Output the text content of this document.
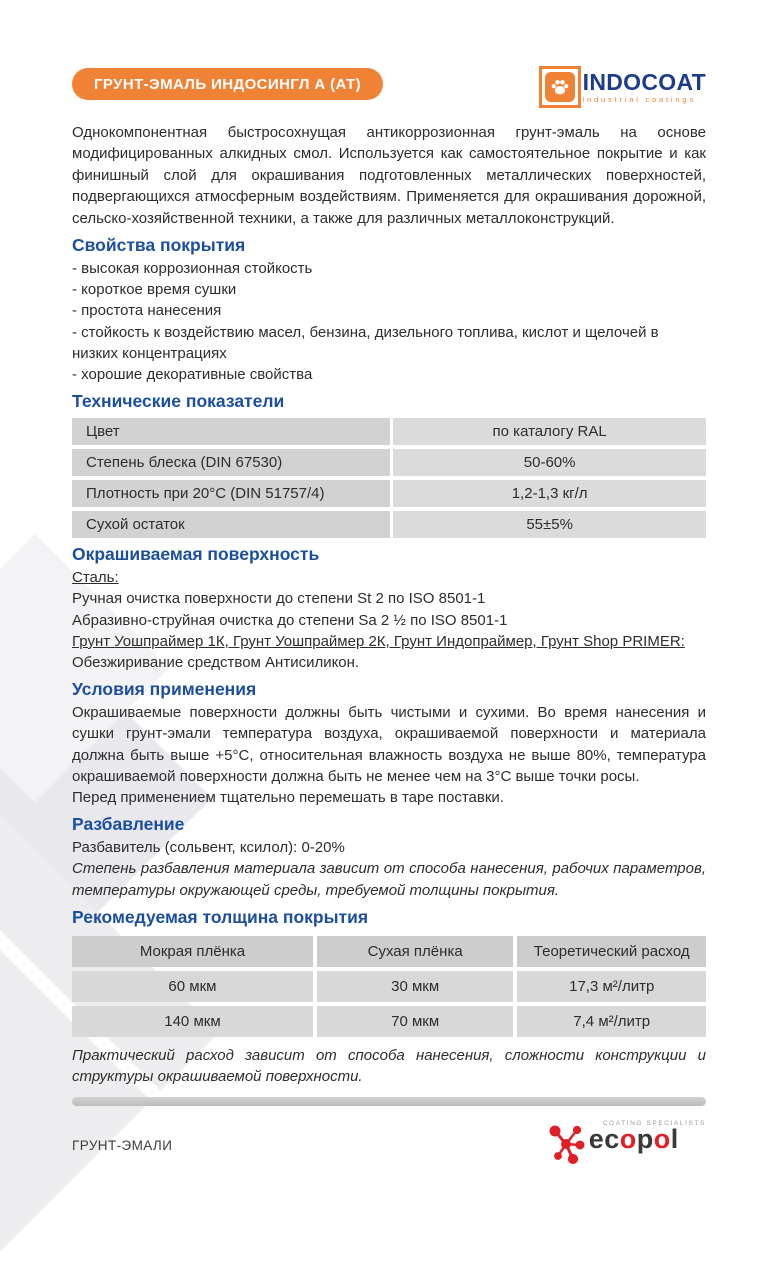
ГРУНТ-ЭМАЛЬ ИНДОСИНГЛ А (АТ)	INDOCOAT
industrial coatings

Однокомпонентная быстросохнущая антикоррозионная грунт-эмаль на основе модифицированных алкидных смол. Используется как самостоятельное покрытие и как финишный слой для окрашивания подготовленных металлических поверхностей, подвергающихся атмосферным воздействиям. Применяется для окрашивания дорожной, сельско-хозяйственной техники, а также для различных металлоконструкций.

Свойства покрытия
- высокая коррозионная стойкость
- короткое время сушки
- простота нанесения
- стойкость к воздействию масел, бензина, дизельного топлива, кислот и щелочей в низких концентрациях
- хорошие декоративные свойства
Технические показатели
Цвет	по каталогу RAL
Степень блеска (DIN 67530)	50-60%
Плотность при 20°C (DIN 51757/4)	1,2-1,3 кг/л
Сухой остаток	55±5%
Окрашиваемая поверхность
Сталь:
Ручная очистка поверхности до степени St 2 по ISO 8501-1
Абразивно-струйная очистка до степени Sa 2 ½ по ISO 8501-1
Грунт Уошпраймер 1К, Грунт Уошпраймер 2К, Грунт Индопраймер, Грунт Shop PRIMER:
Обезжиривание средством Антисиликон.
Условия применения

Окрашиваемые поверхности должны быть чистыми и сухими. Во время нанесения и сушки грунт-эмали температура воздуха, окрашиваемой поверхности и материала должна быть выше +5°С, относительная влажность воздуха не выше 80%, температура окрашиваемой поверхности должна быть не менее чем на 3°С выше точки росы.

Перед применением тщательно перемешать в таре поставки.
Разбавление
Разбавитель (сольвент, ксилол): 0-20%

Степень разбавления материала зависит от способа нанесения, рабочих параметров, температуры окружающей среды, требуемой толщины покрытия.

Рекомедуемая толщина покрытия
Мокрая плёнка	Сухая плёнка	Теоретический расход
60 мкм	30 мкм	17,3 м²/литр
140 мкм	70 мкм	7,4 м²/литр

Практический расход зависит от способа нанесения, сложности конструкции и структуры окрашиваемой поверхности.

ГРУНТ-ЭМАЛИ
COATING SPECIALISTS
ecopol
